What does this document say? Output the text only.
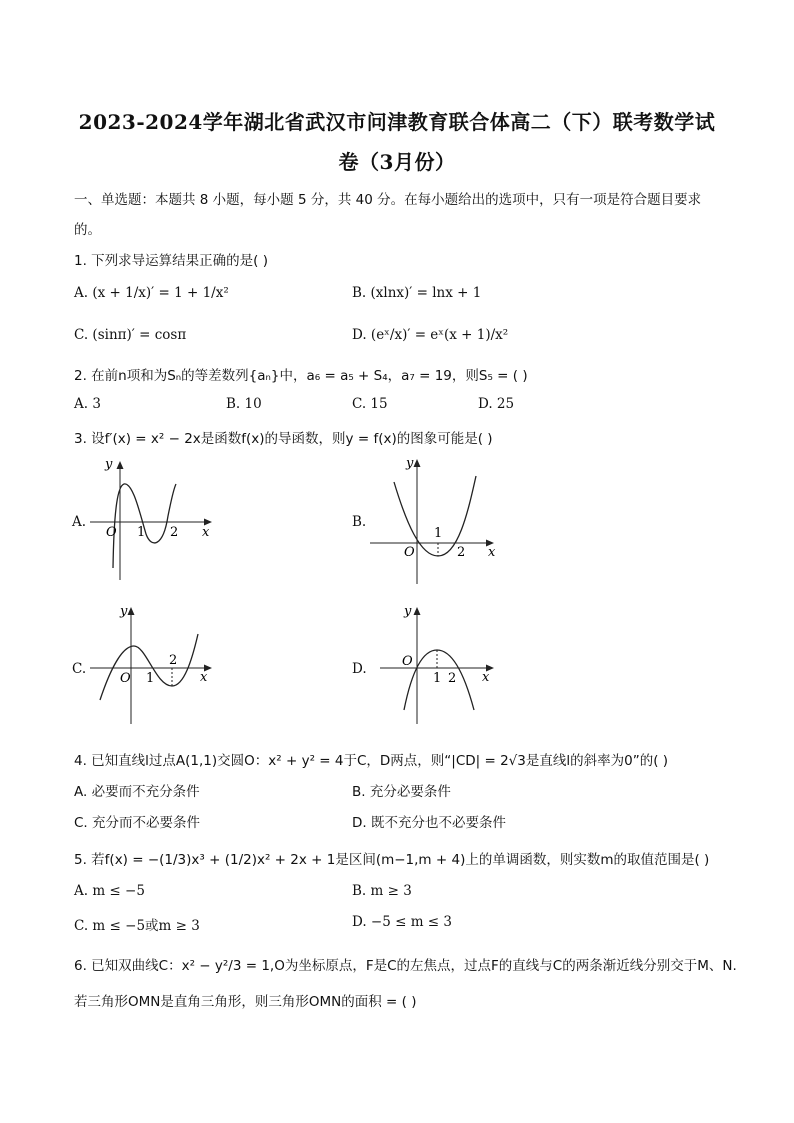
2023-2024学年湖北省武汉市问津教育联合体高二（下）联考数学试
卷（3月份）
一、单选题：本题共 8 小题，每小题 5 分，共 40 分。在每小题给出的选项中，只有一项是符合题目要求
的。
1. 下列求导运算结果正确的是( )
A. (x + 1/x)′ = 1 + 1/x²	B. (xlnx)′ = lnx + 1
C. (sinπ)′ = cosπ	D. (eˣ/x)′ = eˣ(x + 1)/x²
2. 在前n项和为Sₙ的等差数列{aₙ}中，a₆ = a₅ + S₄，a₇ = 19，则S₅ = ( )
A. 3	B. 10	C. 15	D. 25
3. 设f′(x) = x² − 2x是函数f(x)的导函数，则y = f(x)的图象可能是( )
A.
y
x
O 1 2
B.
y
x
O
1
2
C.
y
x
O 1
2
D.
y
x
O
1 2
4. 已知直线l过点A(1,1)交圆O：x² + y² = 4于C，D两点，则“|CD| = 2√3是直线l的斜率为0”的( )
A. 必要而不充分条件	B. 充分必要条件
C. 充分而不必要条件	D. 既不充分也不必要条件
5. 若f(x) = −(1/3)x³ + (1/2)x² + 2x + 1是区间(m−1,m + 4)上的单调函数，则实数m的取值范围是( )
A. m ≤ −5	B. m ≥ 3
C. m ≤ −5或m ≥ 3	D. −5 ≤ m ≤ 3
6. 已知双曲线C：x² − y²/3 = 1,O为坐标原点，F是C的左焦点，过点F的直线与C的两条渐近线分别交于M、N.
若三角形OMN是直角三角形，则三角形OMN的面积 = ( )
